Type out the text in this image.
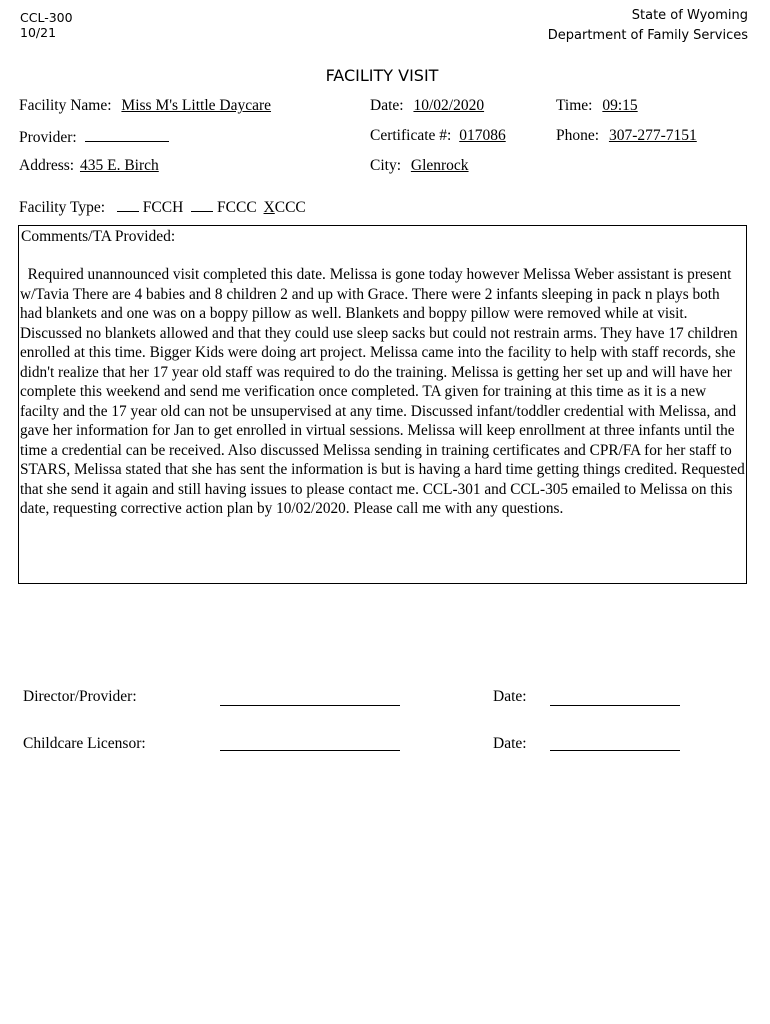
CCL-300
10/21
State of Wyoming
Department of Family Services
FACILITY VISIT
Facility Name: Miss M's Little Daycare	Date: 10/02/2020	Time: 09:15
Provider:	Certificate #: 017086	Phone: 307-277-7151
Address: 435 E. Birch	City: Glenrock
Facility Type: FCCH FCCC XCCC
Comments/TA Provided:

Required unannounced visit completed this date. Melissa is gone today however Melissa Weber assistant is present w/Tavia There are 4 babies and 8 children 2 and up with Grace. There were 2 infants sleeping in pack n plays both had blankets and one was on a boppy pillow as well. Blankets and boppy pillow were removed while at visit. Discussed no blankets allowed and that they could use sleep sacks but could not restrain arms. They have 17 children enrolled at this time. Bigger Kids were doing art project. Melissa came into the facility to help with staff records, she didn't realize that her 17 year old staff was required to do the training. Melissa is getting her set up and will have her complete this weekend and send me verification once completed. TA given for training at this time as it is a new facilty and the 17 year old can not be unsupervised at any time. Discussed infant/toddler credential with Melissa, and gave her information for Jan to get enrolled in virtual sessions. Melissa will keep enrollment at three infants until the time a credential can be received. Also discussed Melissa sending in training certificates and CPR/FA for her staff to STARS, Melissa stated that she has sent the information is but is having a hard time getting things credited. Requested that she send it again and still having issues to please contact me. CCL-301 and CCL-305 emailed to Melissa on this date, requesting corrective action plan by 10/02/2020. Please call me with any questions.

Director/Provider:	Date:
Childcare Licensor:	Date:
